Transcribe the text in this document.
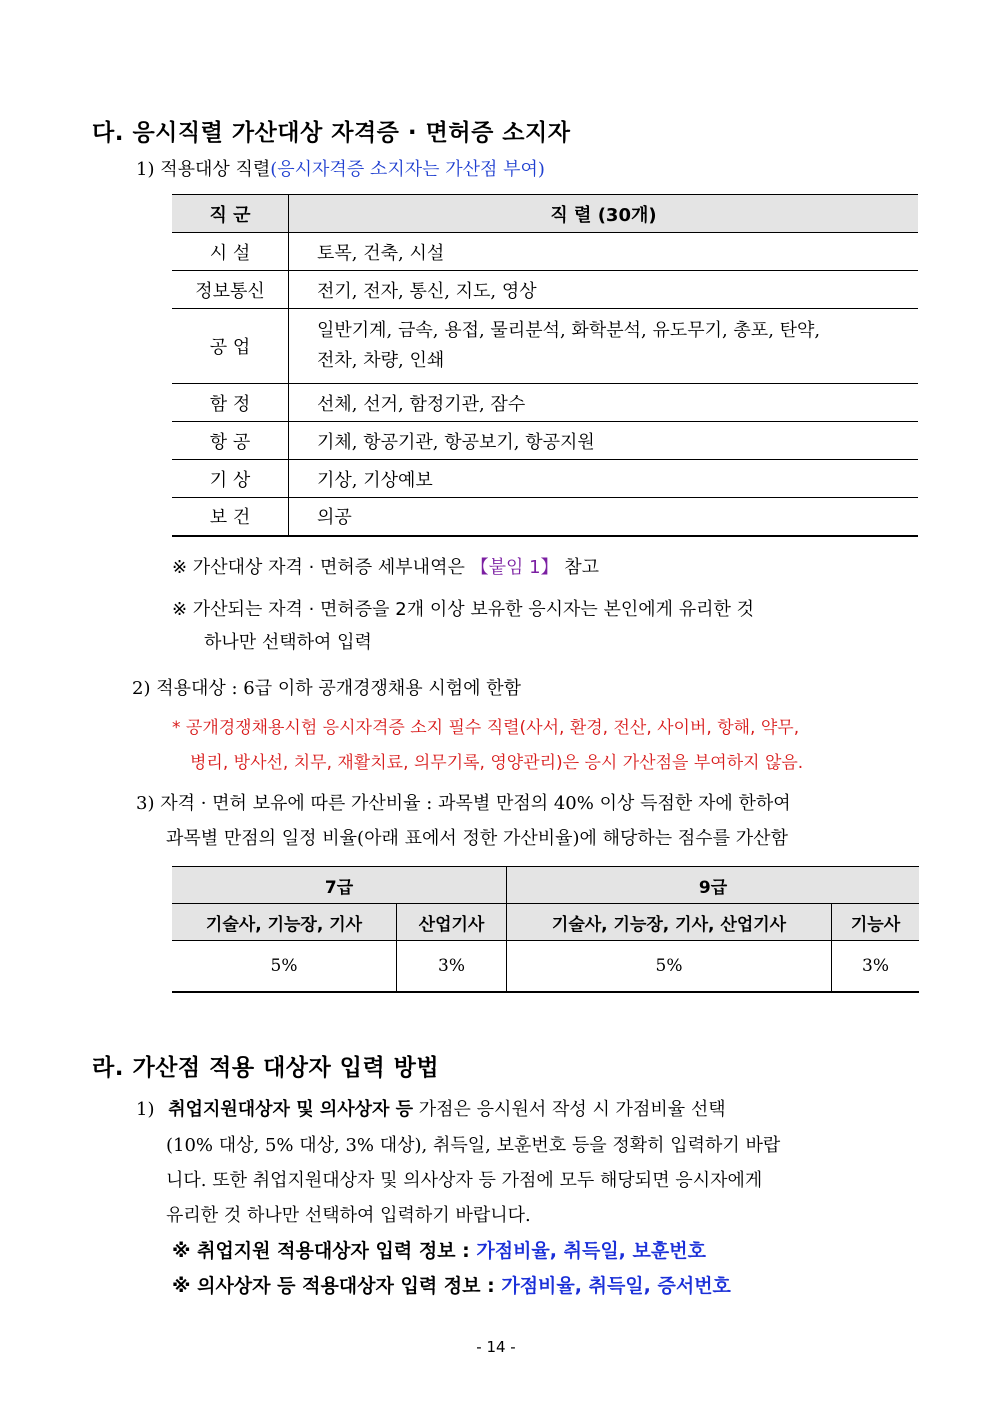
다. 응시직렬 가산대상 자격증 · 면허증 소지자
1) 적용대상 직렬(응시자격증 소지자는 가산점 부여)
직 군	직 렬 (30개)
시 설	토목, 건축, 시설
정보통신	전기, 전자, 통신, 지도, 영상
공 업	일반기계, 금속, 용접, 물리분석, 화학분석, 유도무기, 총포, 탄약,
전차, 차량, 인쇄

함 정	선체, 선거, 함정기관, 잠수
항 공	기체, 항공기관, 항공보기, 항공지원
기 상	기상, 기상예보
보 건	의공
※ 가산대상 자격 · 면허증 세부내역은 【붙임 1】 참고
※ 가산되는 자격 · 면허증을 2개 이상 보유한 응시자는 본인에게 유리한 것
하나만 선택하여 입력
2) 적용대상 : 6급 이하 공개경쟁채용 시험에 한함
* 공개경쟁채용시험 응시자격증 소지 필수 직렬(사서, 환경, 전산, 사이버, 항해, 약무,
병리, 방사선, 치무, 재활치료, 의무기록, 영양관리)은 응시 가산점을 부여하지 않음.
3) 자격 · 면허 보유에 따른 가산비율 : 과목별 만점의 40% 이상 득점한 자에 한하여
과목별 만점의 일정 비율(아래 표에서 정한 가산비율)에 해당하는 점수를 가산함
7급		9급	
기술사, 기능장, 기사	산업기사	기술사, 기능장, 기사, 산업기사	기능사
5%	3%	5%	3%
라. 가산점 적용 대상자 입력 방법
1) 취업지원대상자 및 의사상자 등 가점은 응시원서 작성 시 가점비율 선택
(10% 대상, 5% 대상, 3% 대상), 취득일, 보훈번호 등을 정확히 입력하기 바랍
니다. 또한 취업지원대상자 및 의사상자 등 가점에 모두 해당되면 응시자에게
유리한 것 하나만 선택하여 입력하기 바랍니다.
※ 취업지원 적용대상자 입력 정보 : 가점비율, 취득일, 보훈번호
※ 의사상자 등 적용대상자 입력 정보 : 가점비율, 취득일, 증서번호
- 14 -
